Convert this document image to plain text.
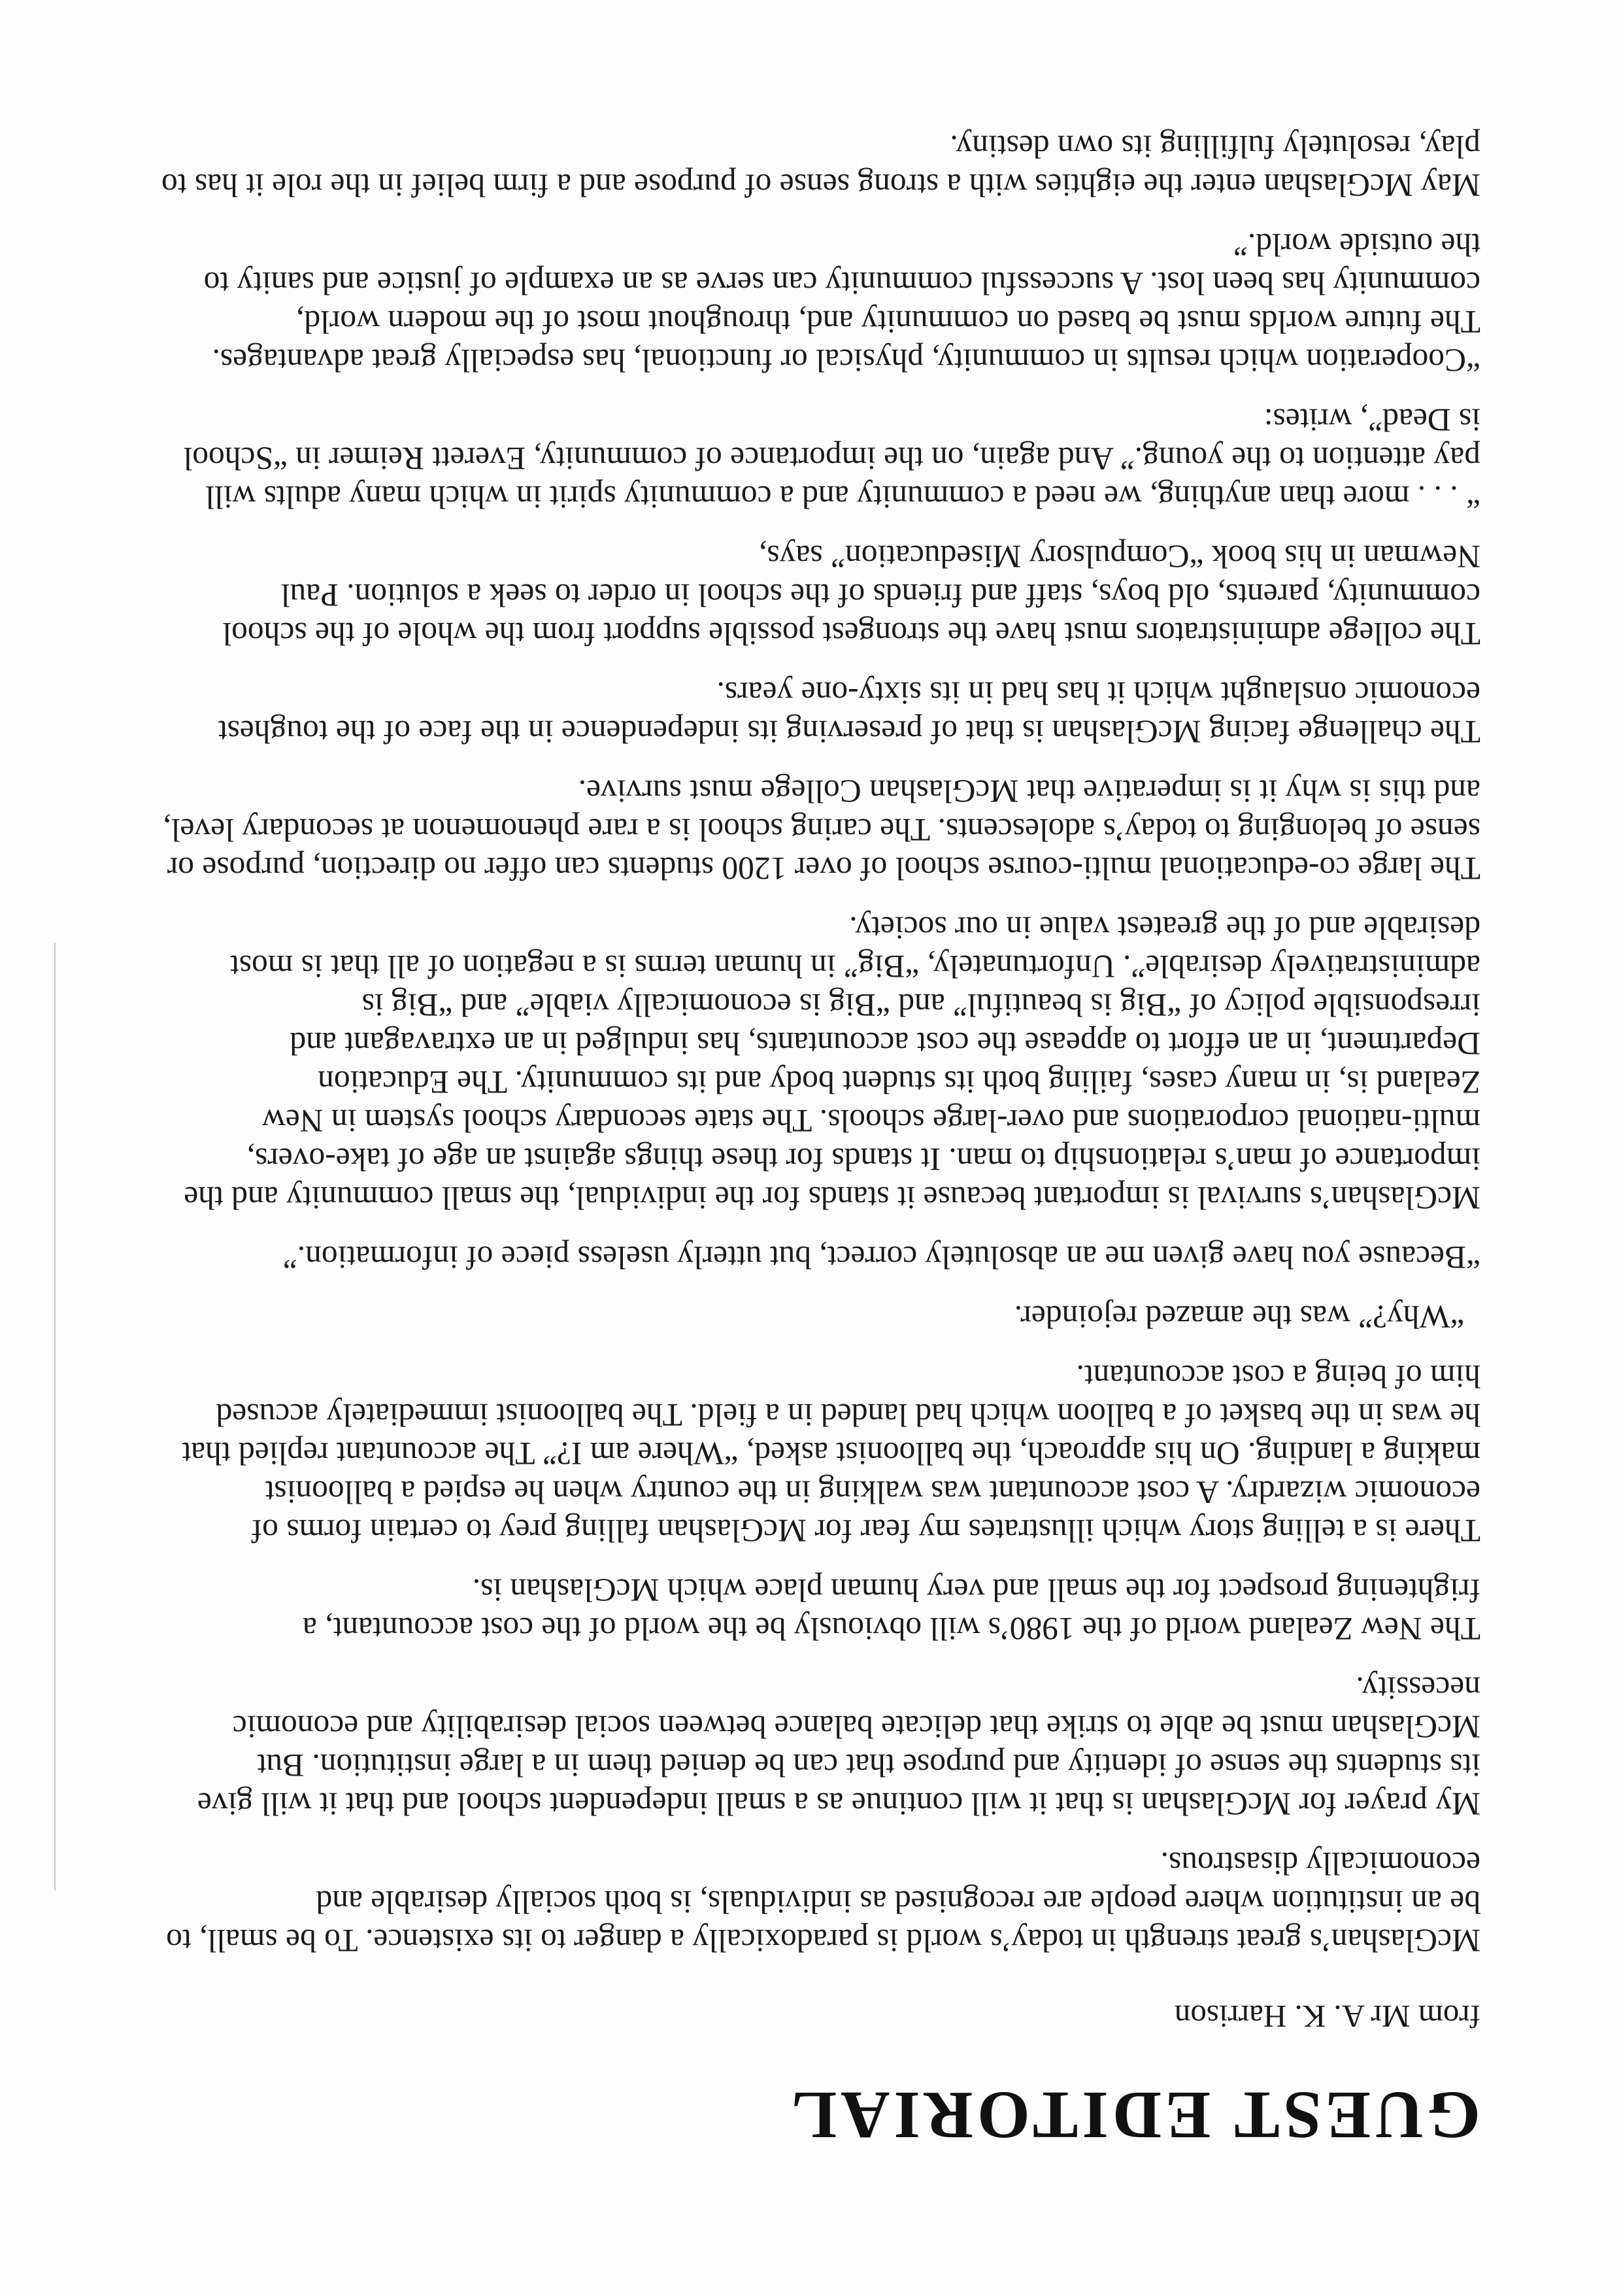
GUEST EDITORIAL
from Mr A. K. Harrison

McGlashan’s great strength in today’s world is paradoxically a danger to its existence. To be small, to be an institution where people are recognised as individuals, is both socially desirable and economically disastrous.

My prayer for McGlashan is that it will continue as a small independent school and that it will give its students the sense of identity and purpose that can be denied them in a large institution. But McGlashan must be able to strike that delicate balance between social desirability and economic necessity.

The New Zealand world of the 1980’s will obviously be the world of the cost accountant, a frightening prospect for the small and very human place which McGlashan is.

There is a telling story which illustrates my fear for McGlashan falling prey to certain forms of economic wizardry. A cost accountant was walking in the country when he espied a balloonist making a landing. On his approach, the balloonist asked, “Where am I?” The accountant replied that he was in the basket of a balloon which had landed in a field. The balloonist immediately accused him of being a cost accountant.

“Why?” was the amazed rejoinder.

“Because you have given me an absolutely correct, but utterly useless piece of information.”

McGlashan’s survival is important because it stands for the individual, the small community and the importance of man’s relationship to man. It stands for these things against an age of take-overs, multi-national corporations and over-large schools. The state secondary school system in New Zealand is, in many cases, failing both its student body and its community. The Education Department, in an effort to appease the cost accountants, has indulged in an extravagant and irresponsible policy of “Big is beautiful” and “Big is economically viable” and “Big is administratively desirable”. Unfortunately, “Big” in human terms is a negation of all that is most desirable and of the greatest value in our society.

The large co-educational multi-course school of over 1200 students can offer no direction, purpose or sense of belonging to today’s adolescents. The caring school is a rare phenomenon at secondary level, and this is why it is imperative that McGlashan College must survive.

The challenge facing McGlashan is that of preserving its independence in the face of the toughest economic onslaught which it has had in its sixty-one years.

The college administrators must have the strongest possible support from the whole of the school community, parents, old boys, staff and friends of the school in order to seek a solution. Paul Newman in his book “Compulsory Miseducation” says,

“ . . . more than anything, we need a community and a community spirit in which many adults will pay attention to the young.” And again, on the importance of community, Everett Reimer in “School is Dead”, writes:

“Cooperation which results in community, physical or functional, has especially great advantages. The future worlds must be based on community and, throughout most of the modern world, community has been lost. A successful community can serve as an example of justice and sanity to the outside world.”

May McGlashan enter the eighties with a strong sense of purpose and a firm belief in the role it has to play, resolutely fulfilling its own destiny.
